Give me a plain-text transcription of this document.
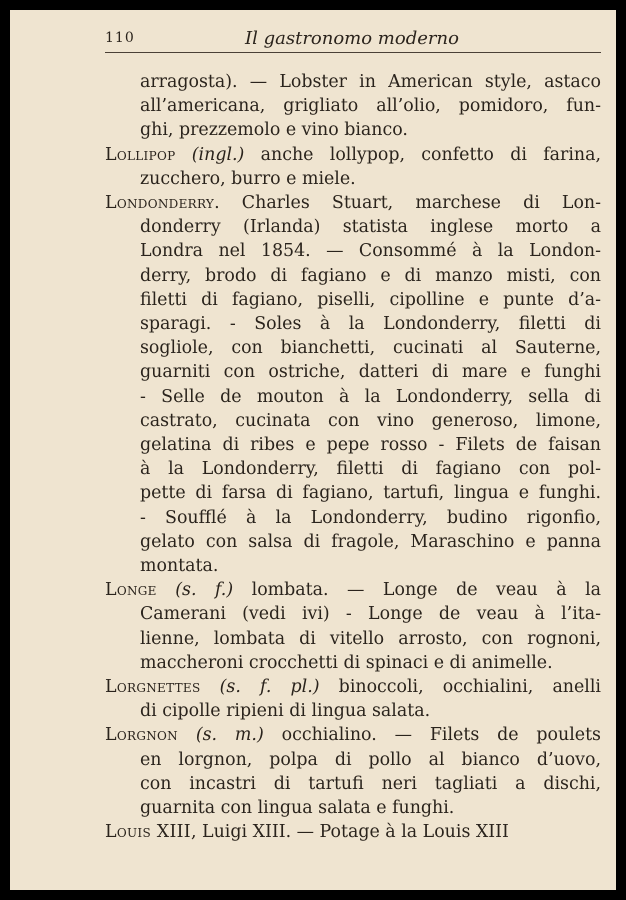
110	Il gastronomo moderno
arragosta). — Lobster in American style, astaco
all’americana, grigliato all’olio, pomidoro, fun-
ghi, prezzemolo e vino bianco.
Lollipop (ingl.) anche lollypop, confetto di farina,
zucchero, burro e miele.
Londonderry. Charles Stuart, marchese di Lon-
donderry (Irlanda) statista inglese morto a
Londra nel 1854. — Consommé à la London-
derry, brodo di fagiano e di manzo misti, con
filetti di fagiano, piselli, cipolline e punte d’a-
sparagi. - Soles à la Londonderry, filetti di
sogliole, con bianchetti, cucinati al Sauterne,
guarniti con ostriche, datteri di mare e funghi
- Selle de mouton à la Londonderry, sella di
castrato, cucinata con vino generoso, limone,
gelatina di ribes e pepe rosso - Filets de faisan
à la Londonderry, filetti di fagiano con pol-
pette di farsa di fagiano, tartufi, lingua e funghi.
- Soufflé à la Londonderry, budino rigonfio,
gelato con salsa di fragole, Maraschino e panna
montata.
Longe (s. f.) lombata. — Longe de veau à la
Camerani (vedi ivi) - Longe de veau à l’ita-
lienne, lombata di vitello arrosto, con rognoni,
maccheroni crocchetti di spinaci e di animelle.
Lorgnettes (s. f. pl.) binoccoli, occhialini, anelli
di cipolle ripieni di lingua salata.
Lorgnon (s. m.) occhialino. — Filets de poulets
en lorgnon, polpa di pollo al bianco d’uovo,
con incastri di tartufi neri tagliati a dischi,
guarnita con lingua salata e funghi.
Louis XIII, Luigi XIII. — Potage à la Louis XIII
